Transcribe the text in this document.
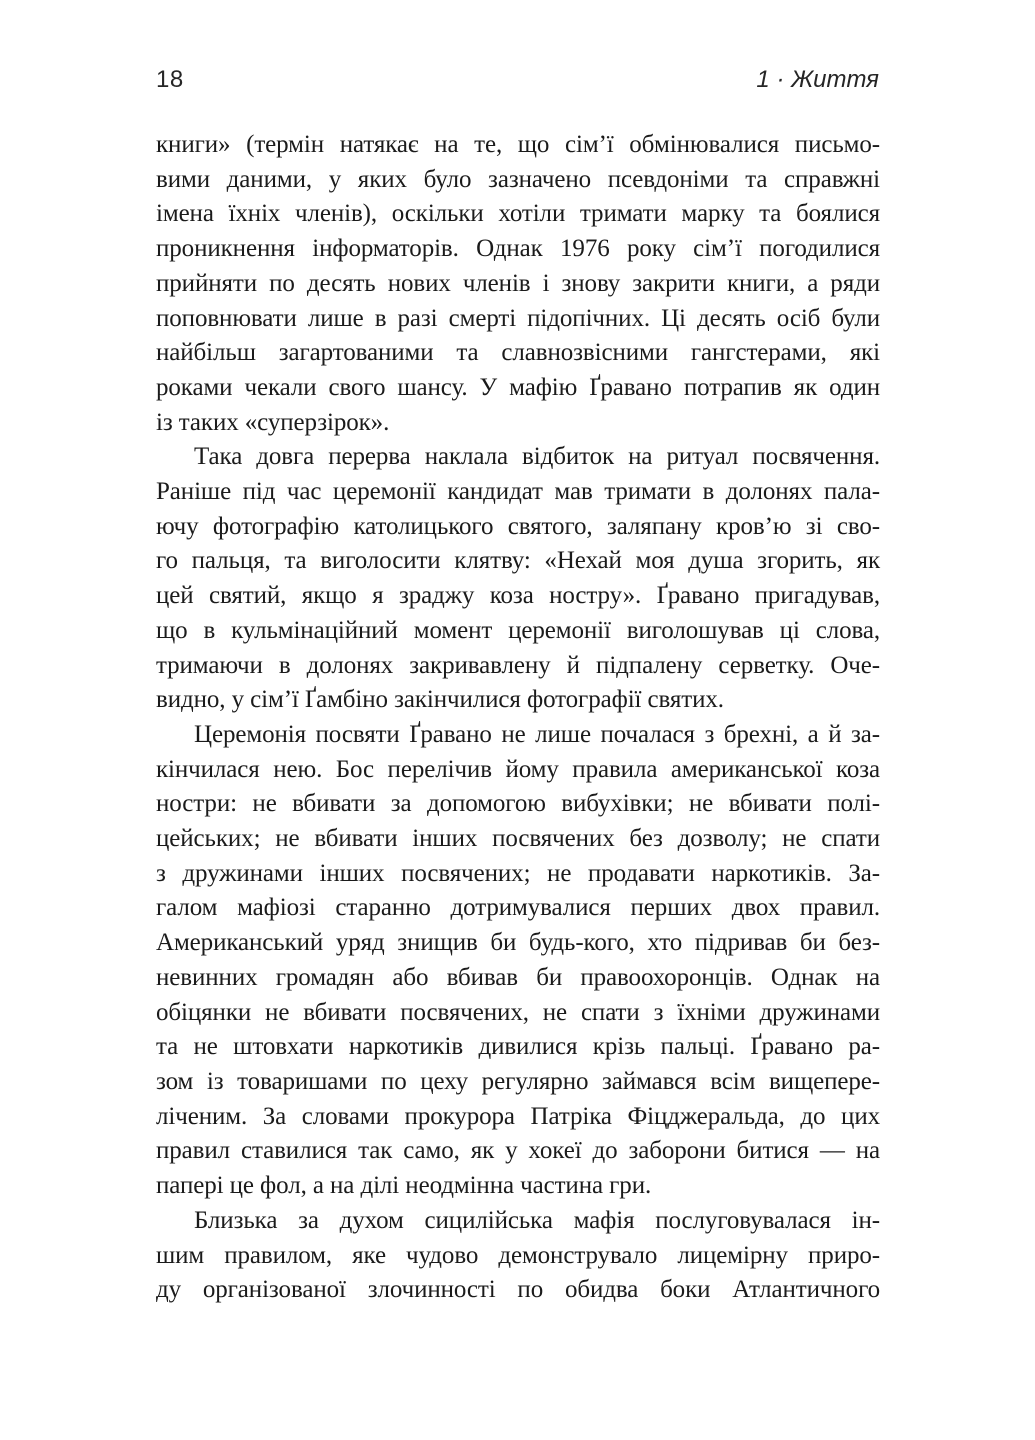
18	1 · Життя
книги» (термін натякає на те, що сім’ї обмінювалися письмо-
вими даними, у яких було зазначено псевдоніми та справжні
імена їхніх членів), оскільки хотіли тримати марку та боялися
проникнення інформаторів. Однак 1976 року сім’ї погодилися
прийняти по десять нових членів і знову закрити книги, а ряди
поповнювати лише в разі смерті підопічних. Ці десять осіб були
найбільш загартованими та славнозвісними гангстерами, які
роками чекали свого шансу. У мафію Ґравано потрапив як один
із таких «суперзірок».
Така довга перерва наклала відбиток на ритуал посвячення.
Раніше під час церемонії кандидат мав тримати в долонях пала-
ючу фотографію католицького святого, заляпану кров’ю зі сво-
го пальця, та виголосити клятву: «Нехай моя душа згорить, як
цей святий, якщо я зраджу коза ностру». Ґравано пригадував,
що в кульмінаційний момент церемонії виголошував ці слова,
тримаючи в долонях закривавлену й підпалену серветку. Оче-
видно, у сім’ї Ґамбіно закінчилися фотографії святих.
Церемонія посвяти Ґравано не лише почалася з брехні, а й за-
кінчилася нею. Бос перелічив йому правила американської коза
ностри: не вбивати за допомогою вибухівки; не вбивати полі-
цейських; не вбивати інших посвячених без дозволу; не спати
з дружинами інших посвячених; не продавати наркотиків. За-
галом мафіозі старанно дотримувалися перших двох правил.
Американський уряд знищив би будь-кого, хто підривав би без-
невинних громадян або вбивав би правоохоронців. Однак на
обіцянки не вбивати посвячених, не спати з їхніми дружинами
та не штовхати наркотиків дивилися крізь пальці. Ґравано ра-
зом із товаришами по цеху регулярно займався всім вищепере-
ліченим. За словами прокурора Патріка Фіцджеральда, до цих
правил ставилися так само, як у хокеї до заборони битися — на
папері це фол, а на ділі неодмінна частина гри.
Близька за духом сицилійська мафія послуговувалася ін-
шим правилом, яке чудово демонструвало лицемірну приро-
ду організованої злочинності по обидва боки Атлантичного
